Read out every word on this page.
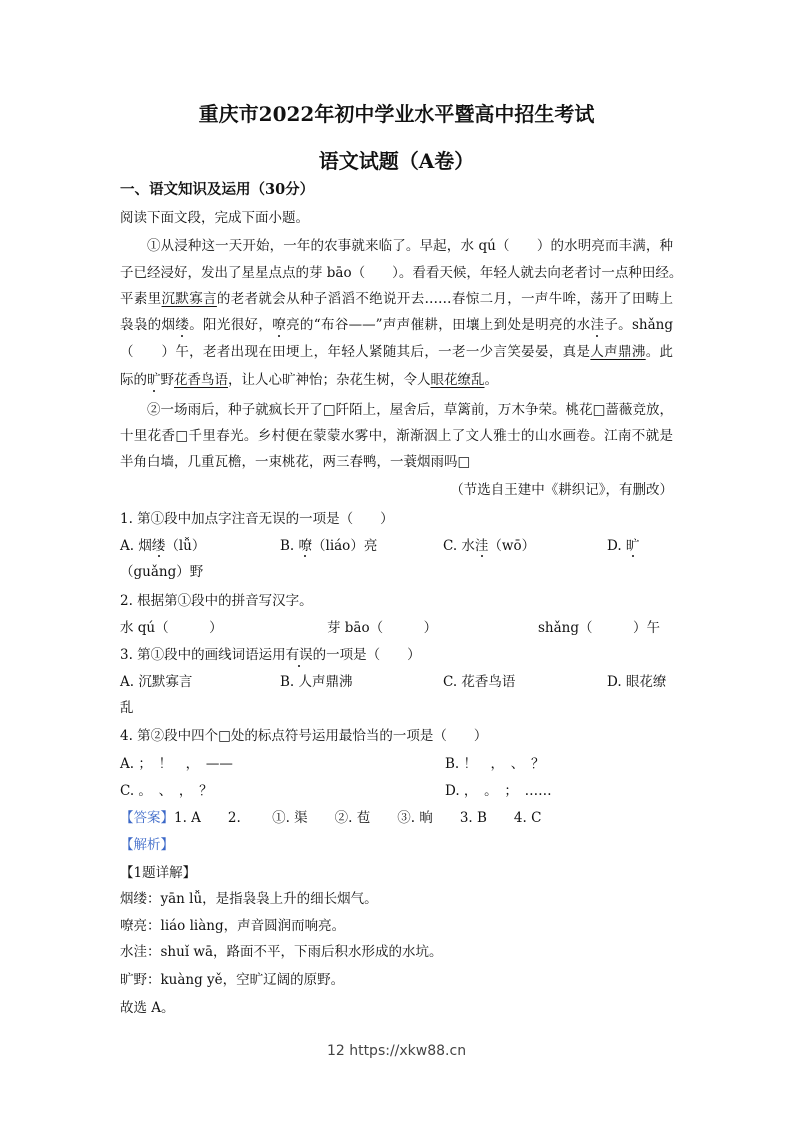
重庆市2022年初中学业水平暨高中招生考试
语文试题（A卷）
一、语文知识及运用（30分）
阅读下面文段，完成下面小题。
①从浸种这一天开始，一年的农事就来临了。早起，水 qú（　　）的水明亮而丰满，种
子已经浸好，发出了星星点点的芽 bāo（　　）。看看天候，年轻人就去向老者讨一点种田经。
平素里沉默寡言的老者就会从种子滔滔不绝说开去……春惊二月，一声牛哞，荡开了田畴上
袅袅的烟缕。阳光很好，嘹亮的“布谷——”声声催耕，田壤上到处是明亮的水洼子。shǎng
（　　）午，老者出现在田埂上，年轻人紧随其后，一老一少言笑晏晏，真是人声鼎沸。此
际的旷野花香鸟语，让人心旷神怡；杂花生树，令人眼花缭乱。
②一场雨后，种子就疯长开了□阡陌上，屋舍后，草篱前，万木争荣。桃花□蔷薇竞放，
十里花香□千里春光。乡村便在蒙蒙水雾中，渐渐洇上了文人雅士的山水画卷。江南不就是
半角白墙，几重瓦檐，一束桃花，两三春鸭，一蓑烟雨吗□
（节选自王建中《耕织记》，有删改）
1. 第①段中加点字注音无误的一项是（　　）
A. 烟缕（lǚ）	B. 嘹（liáo）亮	C. 水洼（wō）	D. 旷
（guǎng）野
2. 根据第①段中的拼音写汉字。
水 qú（　　　）	芽 bāo（　　　）	shǎng（　　　）午
3. 第①段中的画线词语运用有误的一项是（　　）
A. 沉默寡言	B. 人声鼎沸	C. 花香鸟语	D. 眼花缭
乱
4. 第②段中四个□处的标点符号运用最恰当的一项是（　　）
A. ；　！　，　——	B. ！　，　、　？
C. 。　、　，　？	D. ，　。　；　……
【答案】1. A　　2.　　 ①. 渠　　②. 苞　　③. 晌　　3. B　　4. C
【解析】
【1题详解】
烟缕：yān lǚ，是指袅袅上升的细长烟气。
嘹亮：liáo liàng，声音圆润而响亮。
水洼：shuǐ wā，路面不平，下雨后积水形成的水坑。
旷野：kuàng yě，空旷辽阔的原野。
故选 A。
12 https://xkw88.cn
